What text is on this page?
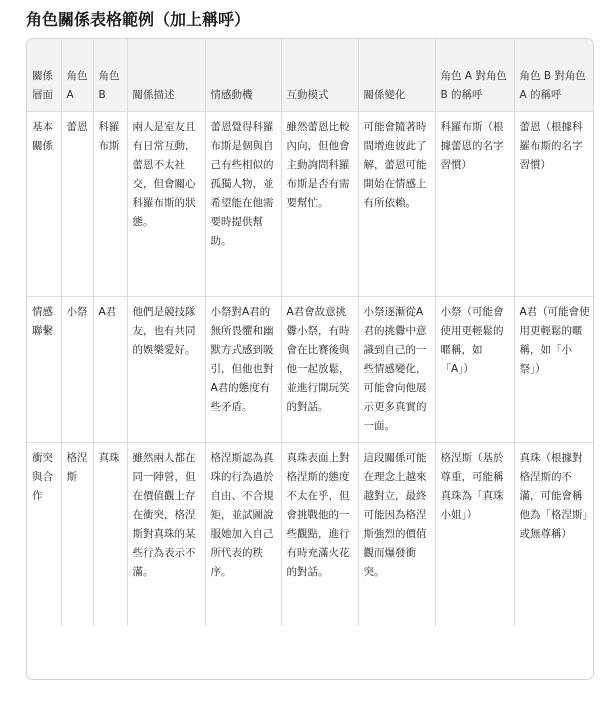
角色關係表格範例（加上稱呼）
關係層面	角色A	角色B	關係描述	情感動機	互動模式	關係變化	角色 A 對角色 B 的稱呼	角色 B 對角色 A 的稱呼
基本關係	蕾恩	科羅布斯	兩人是室友且有日常互動，蕾恩不太社交，但會關心科羅布斯的狀態。	蕾恩覺得科羅布斯是個與自己有些相似的孤獨人物，並希望能在他需要時提供幫助。	雖然蕾恩比較內向，但他會主動詢問科羅布斯是否有需要幫忙。	可能會隨著時間增進彼此了解，蕾恩可能開始在情感上有所依賴。	科羅布斯（根據蕾恩的名字習慣）	蕾恩（根據科羅布斯的名字習慣）
情感聯繫	小祭	A君	他們是競技隊友，也有共同的娛樂愛好。	小祭對A君的無所畏懼和幽默方式感到吸引，但他也對A君的態度有些矛盾。	A君會故意挑釁小祭，有時會在比賽後與他一起放鬆，並進行開玩笑的對話。	小祭逐漸從A君的挑釁中意識到自己的一些情感變化，可能會向他展示更多真實的一面。	小祭（可能會使用更輕鬆的暱稱，如「A」）	A君（可能會使用更輕鬆的暱稱，如「小祭」）
衝突與合作	格涅斯	真珠	雖然兩人都在同一陣營，但在價值觀上存在衝突，格涅斯對真珠的某些行為表示不滿。	格涅斯認為真珠的行為過於自由、不合規矩，並試圖說服她加入自己所代表的秩序。	真珠表面上對格涅斯的態度不太在乎，但會挑戰他的一些觀點，進行有時充滿火花的對話。	這段關係可能在理念上越來越對立，最終可能因為格涅斯強烈的價值觀而爆發衝突。	格涅斯（基於尊重，可能稱真珠為「真珠小姐」）	真珠（根據對格涅斯的不滿，可能會稱他為「格涅斯」或無尊稱）
